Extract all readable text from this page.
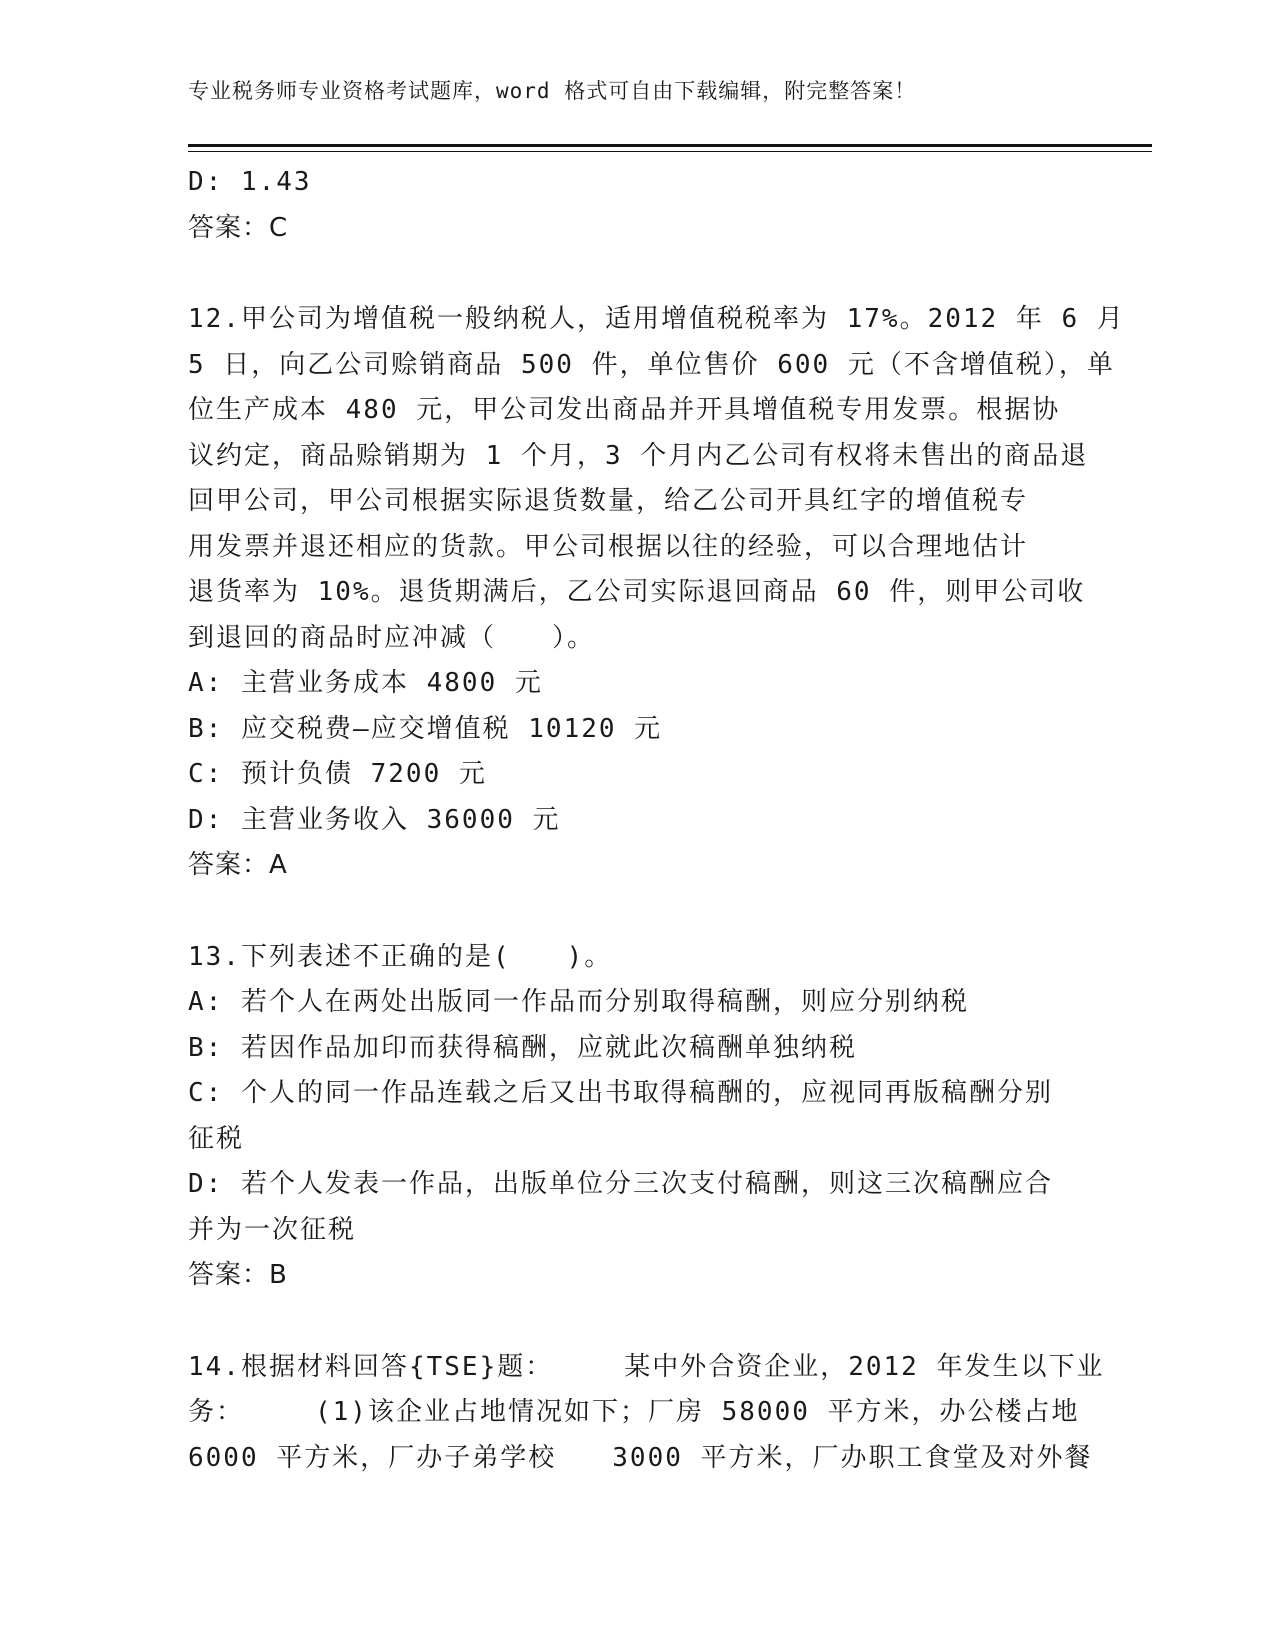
专业税务师专业资格考试题库，word 格式可自由下载编辑，附完整答案！
D: 1.43
答案：C
12.甲公司为增值税一般纳税人，适用增值税税率为 17%。2012 年 6 月
5 日，向乙公司赊销商品 500 件，单位售价 600 元（不含增值税），单
位生产成本 480 元，甲公司发出商品并开具增值税专用发票。根据协
议约定，商品赊销期为 1 个月，3 个月内乙公司有权将未售出的商品退
回甲公司，甲公司根据实际退货数量，给乙公司开具红字的增值税专
用发票并退还相应的货款。甲公司根据以往的经验，可以合理地估计
退货率为 10%。退货期满后，乙公司实际退回商品 60 件，则甲公司收
到退回的商品时应冲减（　　）。
A: 主营业务成本 4800 元
B: 应交税费—应交增值税 10120 元
C: 预计负债 7200 元
D: 主营业务收入 36000 元
答案：A
13.下列表述不正确的是(　　)。
A: 若个人在两处出版同一作品而分别取得稿酬，则应分别纳税
B: 若因作品加印而获得稿酬，应就此次稿酬单独纳税
C: 个人的同一作品连载之后又出书取得稿酬的，应视同再版稿酬分别
征税
D: 若个人发表一作品，出版单位分三次支付稿酬，则这三次稿酬应合
并为一次征税
答案：B
14.根据材料回答{TSE}题：　　　某中外合资企业，2012 年发生以下业
务：　　　(1)该企业占地情况如下；厂房 58000 平方米，办公楼占地
6000 平方米，厂办子弟学校　　3000 平方米，厂办职工食堂及对外餐
